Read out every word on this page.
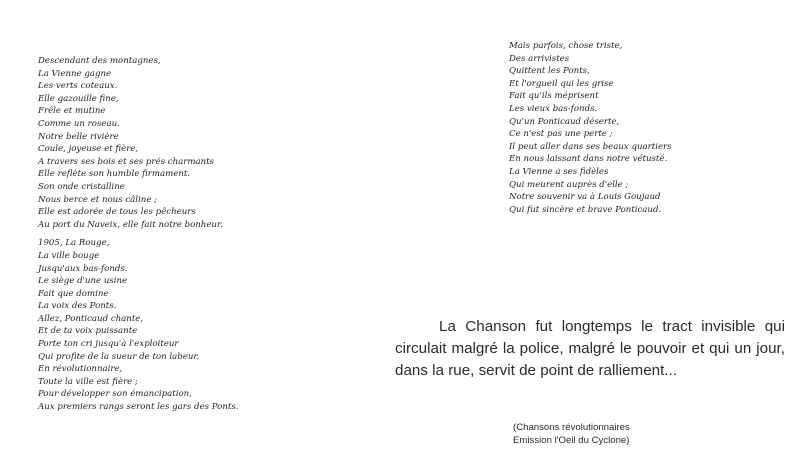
Descendant des montagnes,
La Vienne gagne
Les verts coteaux.
Elle gazouille fine,
Frêle et mutine
Comme un roseau.
Notre belle rivière
Coule, joyeuse et fière,
A travers ses bois et ses prés charmants
Elle reflète son humble firmament.
Son onde cristalline
Nous berce et nous câline ;
Elle est adorée de tous les pêcheurs
Au port du Naveix, elle fait notre bonheur.
1905, La Rouge,
La ville bouge
Jusqu'aux bas-fonds.
Le siège d'une usine
Fait que domine
La voix des Ponts.
Allez, Ponticaud chante,
Et de ta voix puissante
Porte ton cri jusqu'à l'exploiteur
Qui profite de la sueur de ton labeur.
En révolutionnaire,
Toute la ville est fière ;
Pour développer son émancipation,
Aux premiers rangs seront les gars des Ponts.
Mais parfois, chose triste,
Des arrivistes
Quittent les Ponts,
Et l'orgueil qui les grise
Fait qu'ils méprisent
Les vieux bas-fonds.
Qu'un Ponticaud déserte,
Ce n'est pas une perte ;
Il peut aller dans ses beaux quartiers
En nous laissant dans notre vétusté.
La Vienne a ses fidèles
Qui meurent auprès d'elle ;
Notre souvenir va à Louis Goujaud
Qui fut sincère et brave Ponticaud.

La Chanson fut longtemps le tract invisible qui circulait malgré la police, malgré le pouvoir et qui un jour, dans la rue, servit de point de ralliement...

(Chansons révolutionnaires
Emission l'Oeil du Cyclone)
